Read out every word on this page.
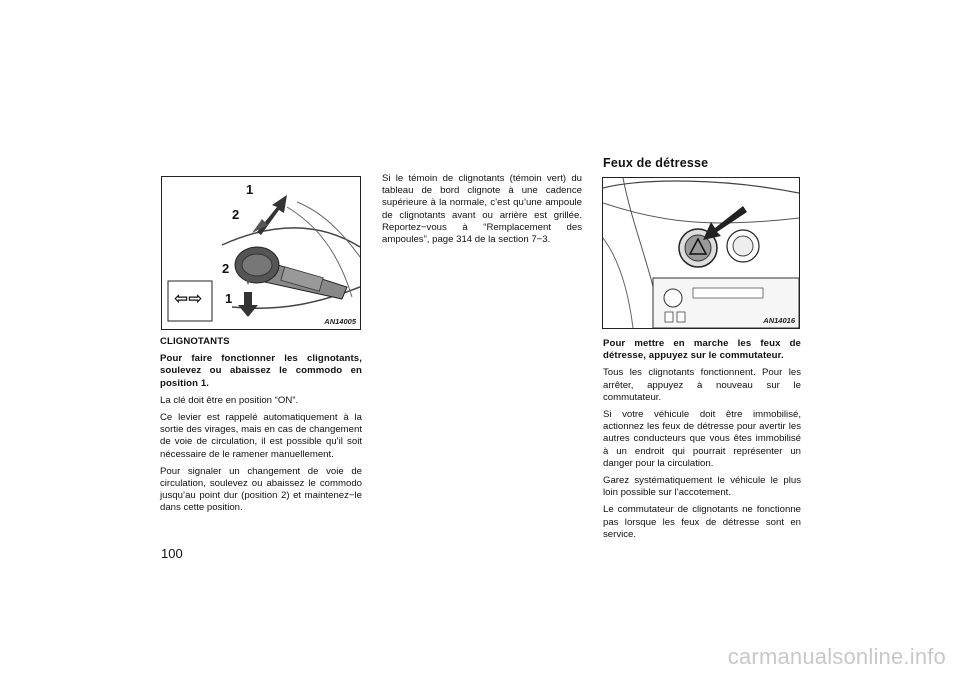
1
2
2
1
⇦⇨
AN14005

CLIGNOTANTS

Pour faire fonctionner les clignotants, soulevez ou abaissez le commodo en position 1.

La clé doit être en position “ON”.

Ce levier est rappelé automatiquement à la sortie des virages, mais en cas de changement de voie de circulation, il est possible qu’il soit nécessaire de le ramener manuellement.

Pour signaler un changement de voie de circulation, soulevez ou abaissez le commodo jusqu’au point dur (position 2) et maintenez−le dans cette position.

Si le témoin de clignotants (témoin vert) du tableau de bord clignote à une cadence supérieure à la normale, c’est qu’une ampoule de clignotants avant ou arrière est grillée. Reportez−vous à “Remplacement des ampoules”, page 314 de la section 7−3.

Feux de détresse
AN14016

Pour mettre en marche les feux de détresse, appuyez sur le commutateur.

Tous les clignotants fonctionnent. Pour les arrêter, appuyez à nouveau sur le commutateur.

Si votre véhicule doit être immobilisé, actionnez les feux de détresse pour avertir les autres conducteurs que vous êtes immobilisé à un endroit qui pourrait représenter un danger pour la circulation.

Garez systématiquement le véhicule le plus loin possible sur l’accotement.

Le commutateur de clignotants ne fonctionne pas lorsque les feux de détresse sont en service.

100

carmanualsonline.info
